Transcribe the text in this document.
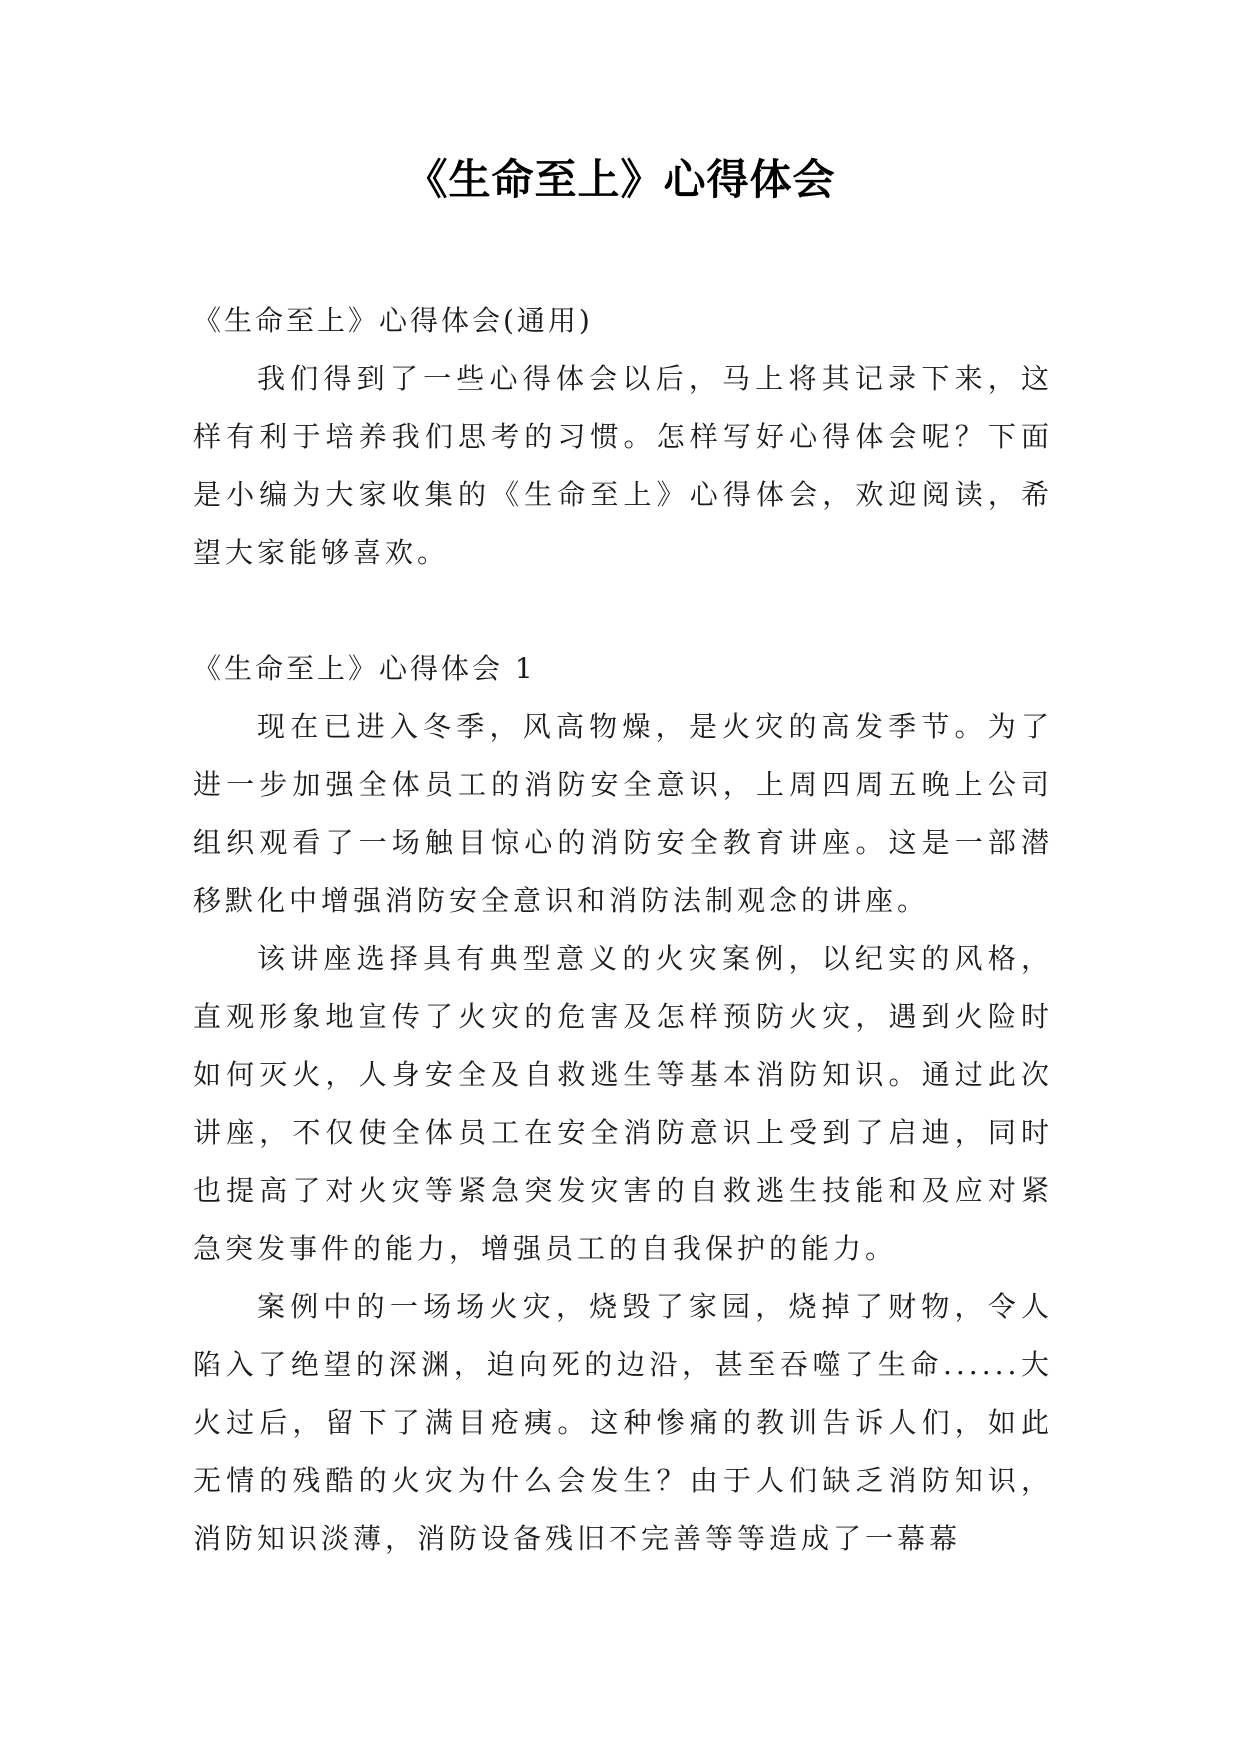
《生命至上》心得体会

《生命至上》心得体会(通用)

我们得到了一些心得体会以后，马上将其记录下来，这样有利于培养我们思考的习惯。怎样写好心得体会呢？下面是小编为大家收集的《生命至上》心得体会，欢迎阅读，希望大家能够喜欢。

《生命至上》心得体会 1

现在已进入冬季，风高物燥，是火灾的高发季节。为了进一步加强全体员工的消防安全意识，上周四周五晚上公司组织观看了一场触目惊心的消防安全教育讲座。这是一部潜移默化中增强消防安全意识和消防法制观念的讲座。

该讲座选择具有典型意义的火灾案例，以纪实的风格，直观形象地宣传了火灾的危害及怎样预防火灾，遇到火险时如何灭火，人身安全及自救逃生等基本消防知识。通过此次讲座，不仅使全体员工在安全消防意识上受到了启迪，同时也提高了对火灾等紧急突发灾害的自救逃生技能和及应对紧急突发事件的能力，增强员工的自我保护的能力。

案例中的一场场火灾，烧毁了家园，烧掉了财物，令人陷入了绝望的深渊，迫向死的边沿，甚至吞噬了生命......大火过后，留下了满目疮痍。这种惨痛的教训告诉人们，如此无情的残酷的火灾为什么会发生？由于人们缺乏消防知识，消防知识淡薄，消防设备残旧不完善等等造成了一幕幕
